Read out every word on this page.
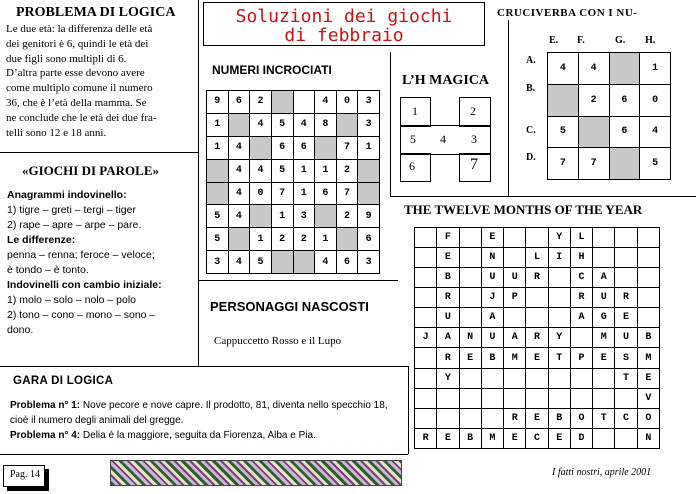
PROBLEMA DI LOGICA
Le due età: la differenza delle età
dei genitori è 6, quindi le età dei
due figli sono multipli di 6.
D’altra parte esse devono avere
come multiplo comune il numero
36, che è l’età della mamma. Se
ne conclude che le età dei due fra-
telli sono 12 e 18 anni.
Soluzioni dei giochi
di febbraio
«GIOCHI DI PAROLE»
Anagrammi indovinello:
1) tigre – greti – tergi – tiger
2) rape – apre – arpe – pare.
Le differenze:
penna – renna; feroce – veloce;
è tondo – è tonto.
Indovinelli con cambio iniziale:
1) molo – solo – nolo – polo
2) tono – cono – mono – sono –
dono.
NUMERI INCROCIATI
9	6	2			4	0	3
1		4	5	4	8		3
1	4		6	6		7	1
	4	4	5	1	1	2	
	4	0	7	1	6	7	
5	4		1	3		2	9
5		1	2	2	1		6
3	4	5			4	6	3
L’H MAGICA
1	2
5 4 3
6	7
CRUCIVERBA CON I NU-
E. F.	G. H.
A.
B.
C.
D.
4	4		1
	2	6	0
5		6	4
7	7		5
THE TWELVE MONTHS OF THE YEAR
	F		E			Y	L			
	E		N		L	I	H			
	B		U	U	R		C	A		
	R		J	P			R	U	R	
	U		A				A	G	E	
J	A	N	U	A	R	Y		M	U	B
	R	E	B	M	E	T	P	E	S	M
	Y								T	E
										V
				R	E	B	O	T	C	O
R	E	B	M	E	C	E	D			N
PERSONAGGI NASCOSTI
Cappuccetto Rosso e il Lupo
GARA DI LOGICA
Problema n° 1: Nove pecore e nove capre. Il prodotto, 81, diventa nello specchio 18, cioè il numero degli animali del gregge.
Problema n° 4: Delia è la maggiore, seguita da Fiorenza, Alba e Pia.
Pag. 14	I fatti nostri, aprile 2001
